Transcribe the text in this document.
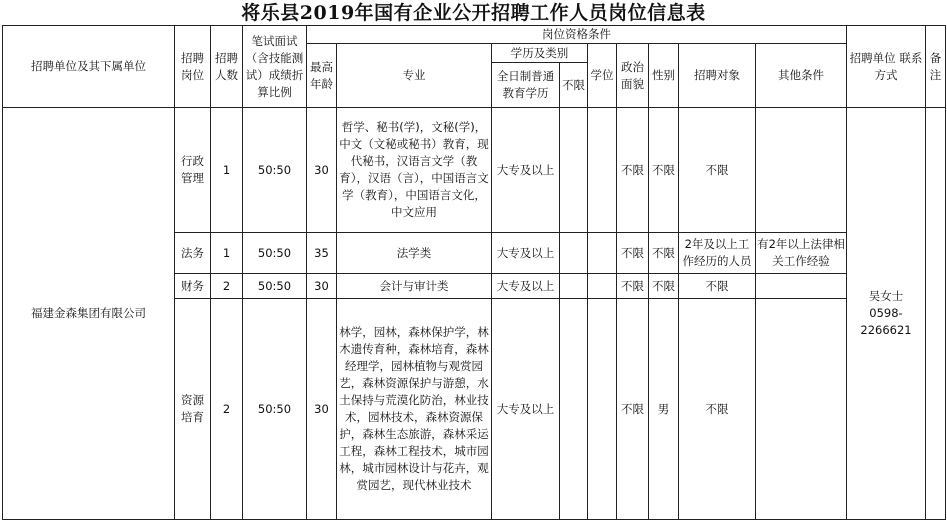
将乐县2019年国有企业公开招聘工作人员岗位信息表
招聘单位及其下属单位	招聘岗位	招聘人数	笔试面试（含技能测试）成绩折算比例	岗位资格条件									招聘单位 联系方式	备注
				最高年龄	专业	学历及类别		学位	政治面貌	性别	招聘对象	其他条件		
						全日制普通教育学历	不限							
福建金森集团有限公司	行政管理	1	50:50	30	哲学、秘书(学)，文秘(学)，中文（文秘或秘书）教育，现代秘书，汉语言文学（教育），汉语（言），中国语言文学（教育），中国语言文化，中文应用	大专及以上			不限	不限	不限		吴女士
0598-2266621	

	法务	1	50:50	35	法学类	大专及以上			不限	不限	2年及以上工作经历的人员	有2年以上法律相关工作经验		
	财务	2	50:50	30	会计与审计类	大专及以上			不限	不限	不限			
	资源培育	2	50:50	30	林学，园林，森林保护学，林木遗传育种，森林培育，森林经理学，园林植物与观赏园艺，森林资源保护与游憩，水土保持与荒漠化防治，林业技术，园林技术，森林资源保护，森林生态旅游，森林采运工程，森林工程技术，城市园林，城市园林设计与花卉，观赏园艺，现代林业技术	大专及以上			不限	男	不限			
